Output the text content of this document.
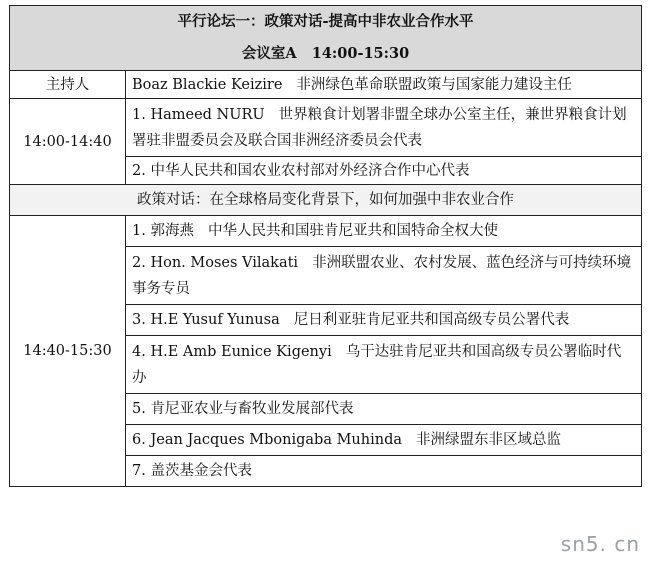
平行论坛一：政策对话-提高中非农业合作水平
会议室A 14:00-15:30	

主持人	Boaz Blackie Keizire 非洲绿色革命联盟政策与国家能力建设主任
14:00-14:40	1. Hameed NURU 世界粮食计划署非盟全球办公室主任，兼世界粮食计划署驻非盟委员会及联合国非洲经济委员会代表

	2. 中华人民共和国农业农村部对外经济合作中心代表
政策对话：在全球格局变化背景下，如何加强中非农业合作	
14:40-15:30	1. 郭海燕 中华人民共和国驻肯尼亚共和国特命全权大使

	2. Hon. Moses Vilakati 非洲联盟农业、农村发展、蓝色经济与可持续环境事务专员

	3. H.E Yusuf Yunusa 尼日利亚驻肯尼亚共和国高级专员公署代表

	4. H.E Amb Eunice Kigenyi 乌干达驻肯尼亚共和国高级专员公署临时代办

	5. 肯尼亚农业与畜牧业发展部代表
	6. Jean Jacques Mbonigaba Muhinda 非洲绿盟东非区域总监
	7. 盖茨基金会代表
sn5. cn
